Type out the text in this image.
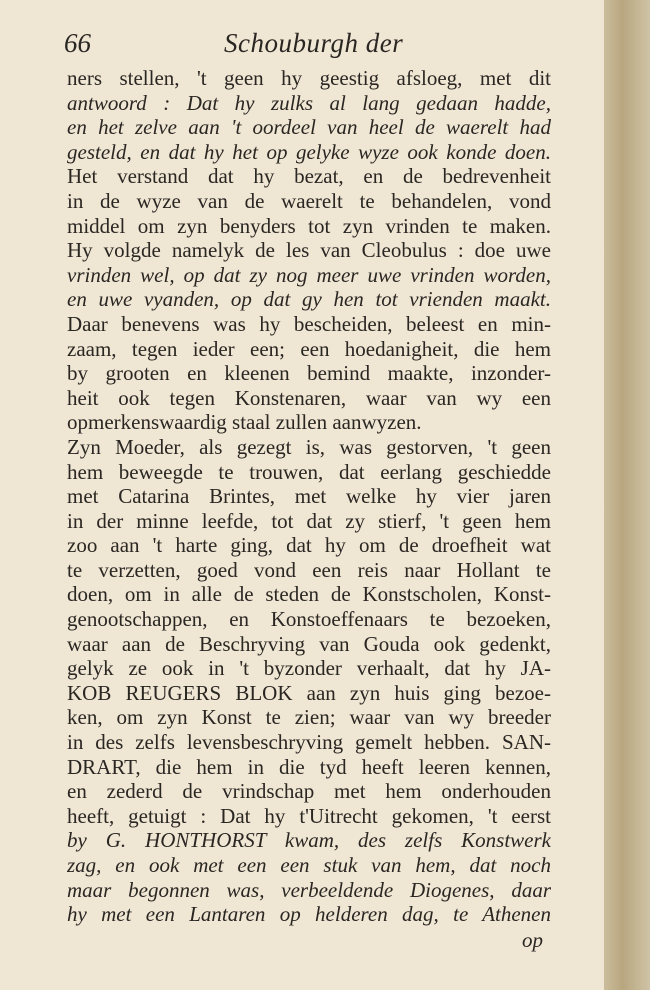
66	Schouburgh der
ners stellen, 't geen hy geestig afsloeg, met dit
antwoord : Dat hy zulks al lang gedaan hadde,
en het zelve aan 't oordeel van heel de waerelt had
gesteld, en dat hy het op gelyke wyze ook konde doen.
Het verstand dat hy bezat, en de bedrevenheit
in de wyze van de waerelt te behandelen, vond
middel om zyn benyders tot zyn vrinden te maken.
Hy volgde namelyk de les van Cleobulus : doe uwe
vrinden wel, op dat zy nog meer uwe vrinden worden,
en uwe vyanden, op dat gy hen tot vrienden maakt.
Daar benevens was hy bescheiden, beleest en min-
zaam, tegen ieder een; een hoedanigheit, die hem
by grooten en kleenen bemind maakte, inzonder-
heit ook tegen Konstenaren, waar van wy een
opmerkenswaardig staal zullen aanwyzen.
Zyn Moeder, als gezegt is, was gestorven, 't geen
hem beweegde te trouwen, dat eerlang geschiedde
met Catarina Brintes, met welke hy vier jaren
in der minne leefde, tot dat zy stierf, 't geen hem
zoo aan 't harte ging, dat hy om de droefheit wat
te verzetten, goed vond een reis naar Hollant te
doen, om in alle de steden de Konstscholen, Konst-
genootschappen, en Konstoeffenaars te bezoeken,
waar aan de Beschryving van Gouda ook gedenkt,
gelyk ze ook in 't byzonder verhaalt, dat hy JA-
KOB REUGERS BLOK aan zyn huis ging bezoe-
ken, om zyn Konst te zien; waar van wy breeder
in des zelfs levensbeschryving gemelt hebben. SAN-
DRART, die hem in die tyd heeft leeren kennen,
en zederd de vrindschap met hem onderhouden
heeft, getuigt : Dat hy t'Uitrecht gekomen, 't eerst
by G. HONTHORST kwam, des zelfs Konstwerk
zag, en ook met een een stuk van hem, dat noch
maar begonnen was, verbeeldende Diogenes, daar
hy met een Lantaren op helderen dag, te Athenen
op
